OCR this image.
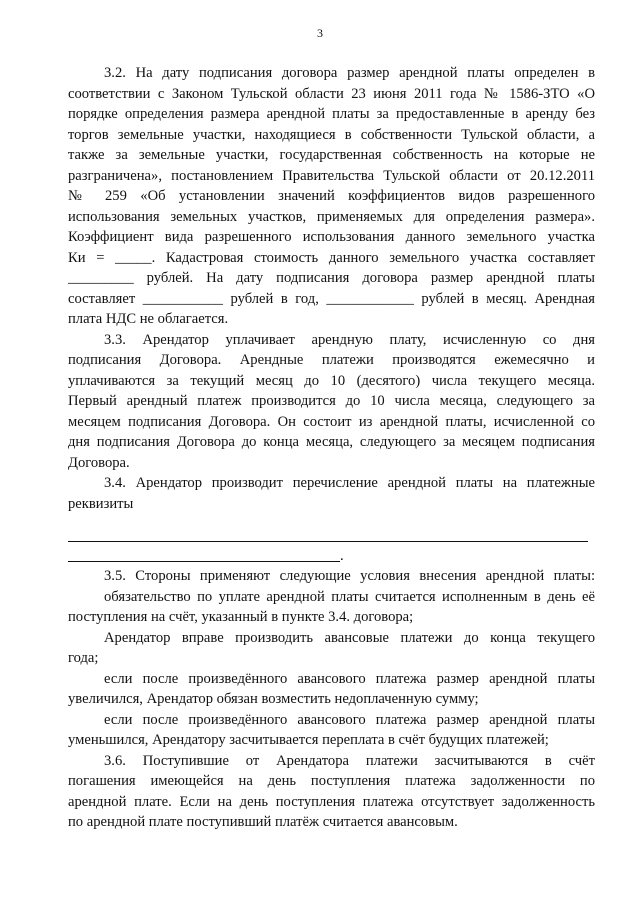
3
3.2. На дату подписания договора размер арендной платы определен в
соответствии с Законом Тульской области 23 июня 2011 года № 1586-ЗТО «О
порядке определения размера арендной платы за предоставленные в аренду без
торгов земельные участки, находящиеся в собственности Тульской области, а
также за земельные участки, государственная собственность на которые не
разграничена», постановлением Правительства Тульской области от 20.12.2011
№ 259 «Об установлении значений коэффициентов видов разрешенного
использования земельных участков, применяемых для определения размера».
Коэффициент вида разрешенного использования данного земельного участка
Ки = _____. Кадастровая стоимость данного земельного участка составляет
_________ рублей. На дату подписания договора размер арендной платы
составляет ___________ рублей в год, ____________ рублей в месяц. Арендная
плата НДС не облагается.
3.3. Арендатор уплачивает арендную плату, исчисленную со дня
подписания Договора. Арендные платежи производятся ежемесячно и
уплачиваются за текущий месяц до 10 (десятого) числа текущего месяца.
Первый арендный платеж производится до 10 числа месяца, следующего за
месяцем подписания Договора. Он состоит из арендной платы, исчисленной со
дня подписания Договора до конца месяца, следующего за месяцем подписания
Договора.
3.4. Арендатор производит перечисление арендной платы на платежные
реквизиты
.
3.5. Стороны применяют следующие условия внесения арендной платы:
обязательство по уплате арендной платы считается исполненным в день её
поступления на счёт, указанный в пункте 3.4. договора;
Арендатор вправе производить авансовые платежи до конца текущего
года;
если после произведённого авансового платежа размер арендной платы
увеличился, Арендатор обязан возместить недоплаченную сумму;
если после произведённого авансового платежа размер арендной платы
уменьшился, Арендатору засчитывается переплата в счёт будущих платежей;
3.6. Поступившие от Арендатора платежи засчитываются в счёт
погашения имеющейся на день поступления платежа задолженности по
арендной плате. Если на день поступления платежа отсутствует задолженность
по арендной плате поступивший платёж считается авансовым.
